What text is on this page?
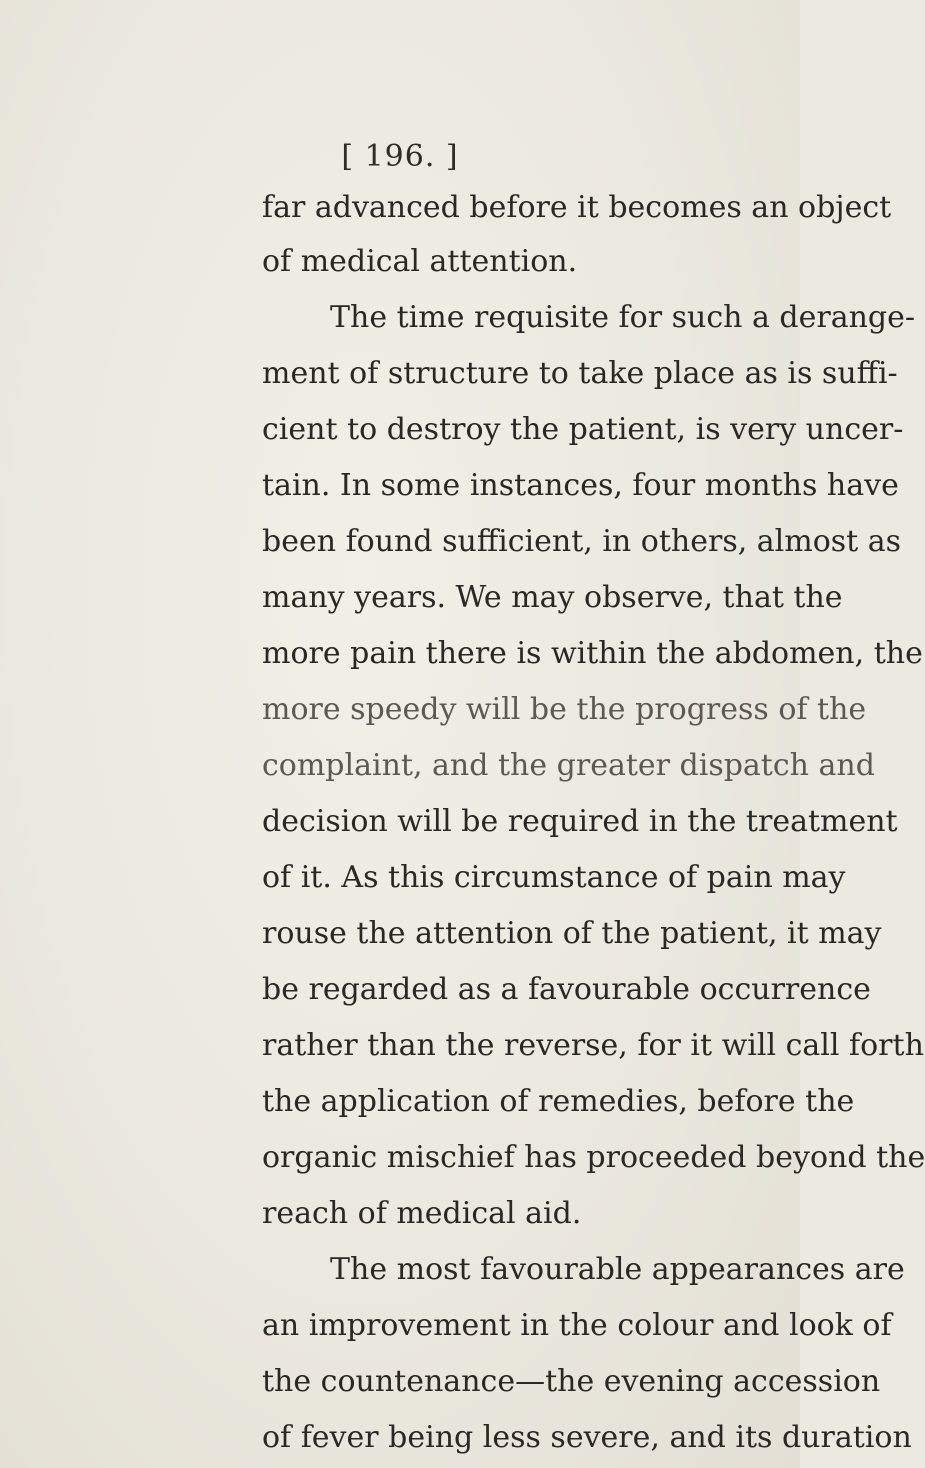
[ 196. ]
far advanced before it becomes an object
of medical attention.
The time requisite for such a derange-
ment of structure to take place as is suffi-
cient to destroy the patient, is very uncer-
tain. In some instances, four months have
been found sufficient, in others, almost as
many years. We may observe, that the
more pain there is within the abdomen, the
more speedy will be the progress of the
complaint, and the greater dispatch and
decision will be required in the treatment
of it. As this circumstance of pain may
rouse the attention of the patient, it may
be regarded as a favourable occurrence
rather than the reverse, for it will call forth
the application of remedies, before the
organic mischief has proceeded beyond the
reach of medical aid.
The most favourable appearances are
an improvement in the colour and look of
the countenance—the evening accession
of fever being less severe, and its duration
